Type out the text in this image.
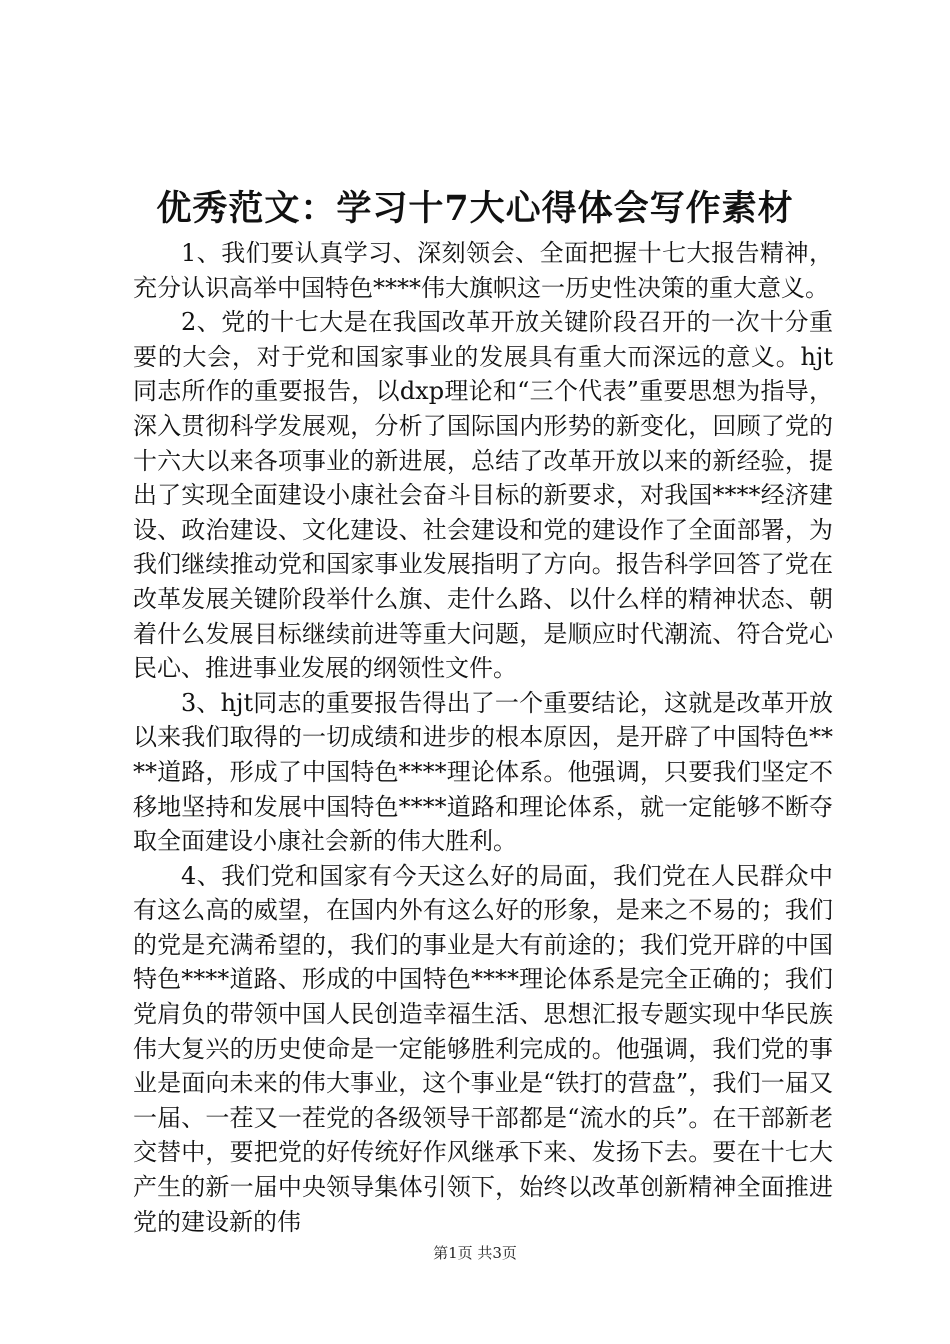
优秀范文：学习十7大心得体会写作素材

1、我们要认真学习、深刻领会、全面把握十七大报告精神，充分认识高举中国特色****伟大旗帜这一历史性决策的重大意义。

2、党的十七大是在我国改革开放关键阶段召开的一次十分重要的大会，对于党和国家事业的发展具有重大而深远的意义。hjt同志所作的重要报告，以dxp理论和“三个代表”重要思想为指导，深入贯彻科学发展观，分析了国际国内形势的新变化，回顾了党的十六大以来各项事业的新进展，总结了改革开放以来的新经验，提出了实现全面建设小康社会奋斗目标的新要求，对我国****经济建设、政治建设、文化建设、社会建设和党的建设作了全面部署，为我们继续推动党和国家事业发展指明了方向。报告科学回答了党在改革发展关键阶段举什么旗、走什么路、以什么样的精神状态、朝着什么发展目标继续前进等重大问题，是顺应时代潮流、符合党心民心、推进事业发展的纲领性文件。

3、hjt同志的重要报告得出了一个重要结论，这就是改革开放以来我们取得的一切成绩和进步的根本原因，是开辟了中国特色****道路，形成了中国特色****理论体系。他强调，只要我们坚定不移地坚持和发展中国特色****道路和理论体系，就一定能够不断夺取全面建设小康社会新的伟大胜利。

4、我们党和国家有今天这么好的局面，我们党在人民群众中有这么高的威望，在国内外有这么好的形象，是来之不易的；我们的党是充满希望的，我们的事业是大有前途的；我们党开辟的中国特色****道路、形成的中国特色****理论体系是完全正确的；我们党肩负的带领中国人民创造幸福生活、思想汇报专题实现中华民族伟大复兴的历史使命是一定能够胜利完成的。他强调，我们党的事业是面向未来的伟大事业，这个事业是“铁打的营盘”，我们一届又一届、一茬又一茬党的各级领导干部都是“流水的兵”。在干部新老交替中，要把党的好传统好作风继承下来、发扬下去。要在十七大产生的新一届中央领导集体引领下，始终以改革创新精神全面推进党的建设新的伟

第1页 共3页
